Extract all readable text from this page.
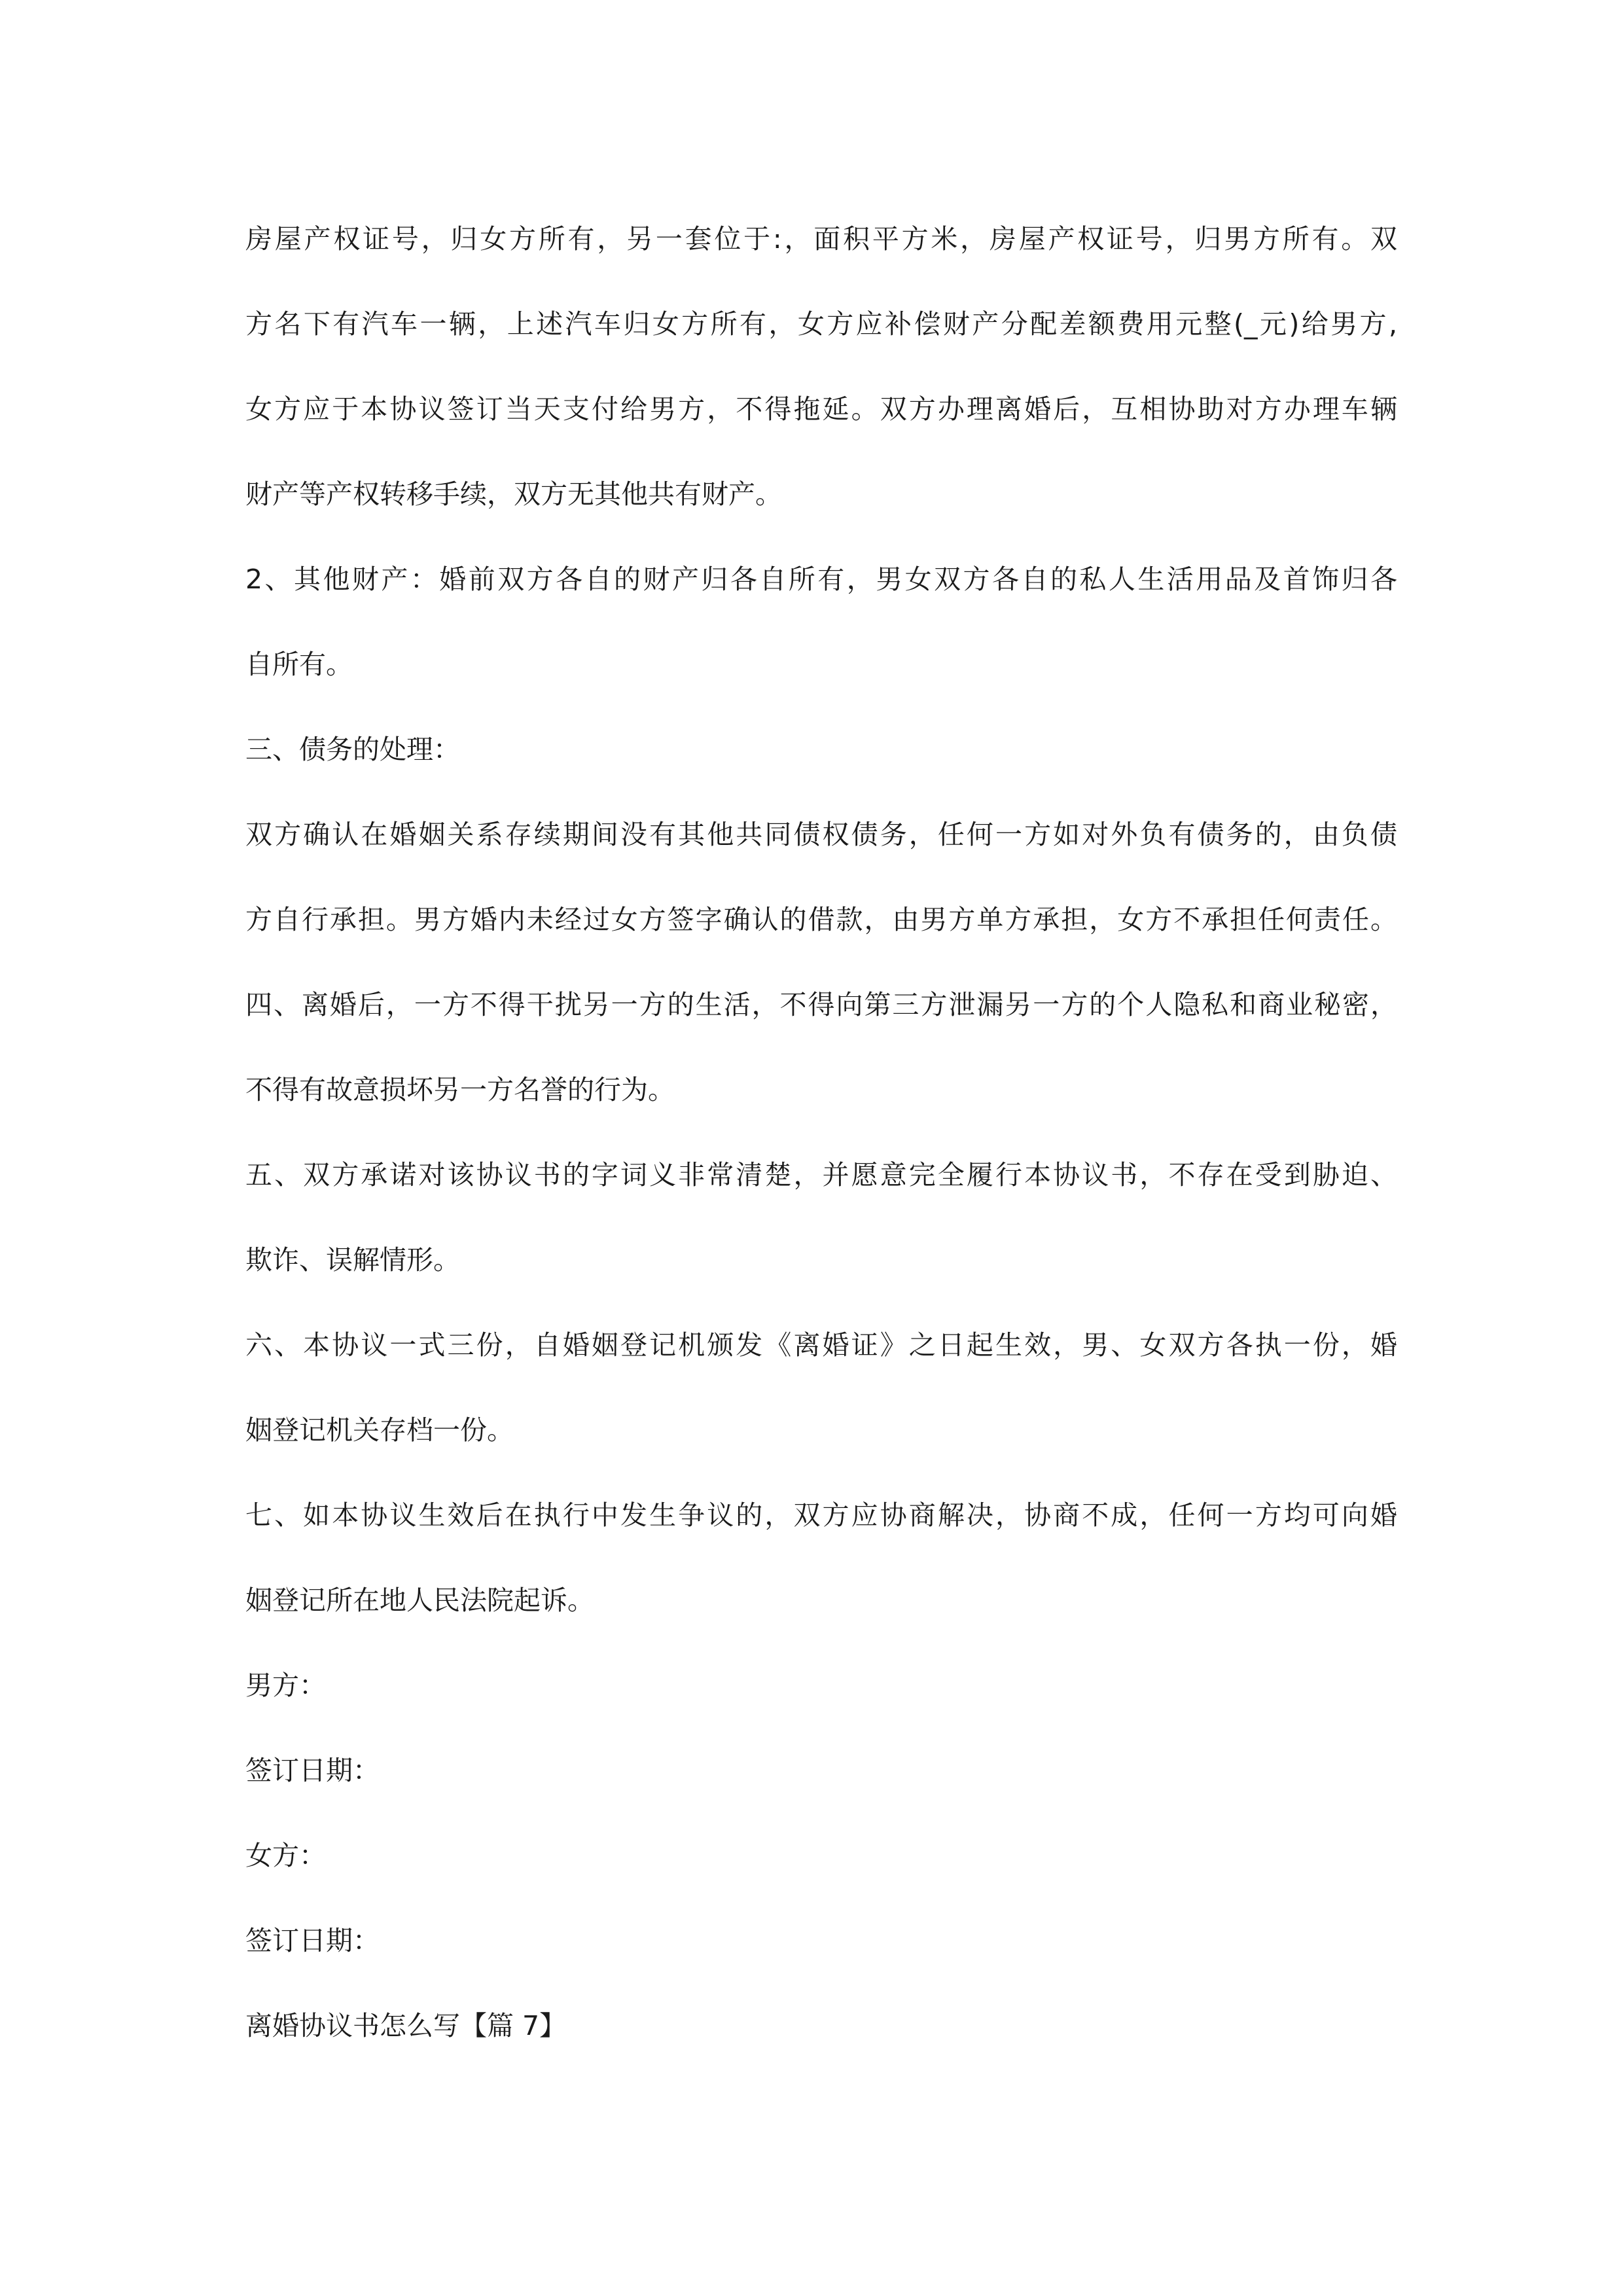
房屋产权证号，归女方所有，另一套位于:，面积平方米，房屋产权证号，归男方所有。双

方名下有汽车一辆，上述汽车归女方所有，女方应补偿财产分配差额费用元整(_元)给男方,

女方应于本协议签订当天支付给男方，不得拖延。双方办理离婚后，互相协助对方办理车辆

财产等产权转移手续，双方无其他共有财产。

2、其他财产：婚前双方各自的财产归各自所有，男女双方各自的私人生活用品及首饰归各

自所有。

三、债务的处理：

双方确认在婚姻关系存续期间没有其他共同债权债务，任何一方如对外负有债务的，由负债

方自行承担。男方婚内未经过女方签字确认的借款，由男方单方承担，女方不承担任何责任。

四、离婚后，一方不得干扰另一方的生活，不得向第三方泄漏另一方的个人隐私和商业秘密，

不得有故意损坏另一方名誉的行为。

五、双方承诺对该协议书的字词义非常清楚，并愿意完全履行本协议书，不存在受到胁迫、

欺诈、误解情形。

六、本协议一式三份，自婚姻登记机颁发《离婚证》之日起生效，男、女双方各执一份，婚

姻登记机关存档一份。

七、如本协议生效后在执行中发生争议的，双方应协商解决，协商不成，任何一方均可向婚

姻登记所在地人民法院起诉。

男方：

签订日期：

女方：

签订日期：

离婚协议书怎么写【篇 7】
